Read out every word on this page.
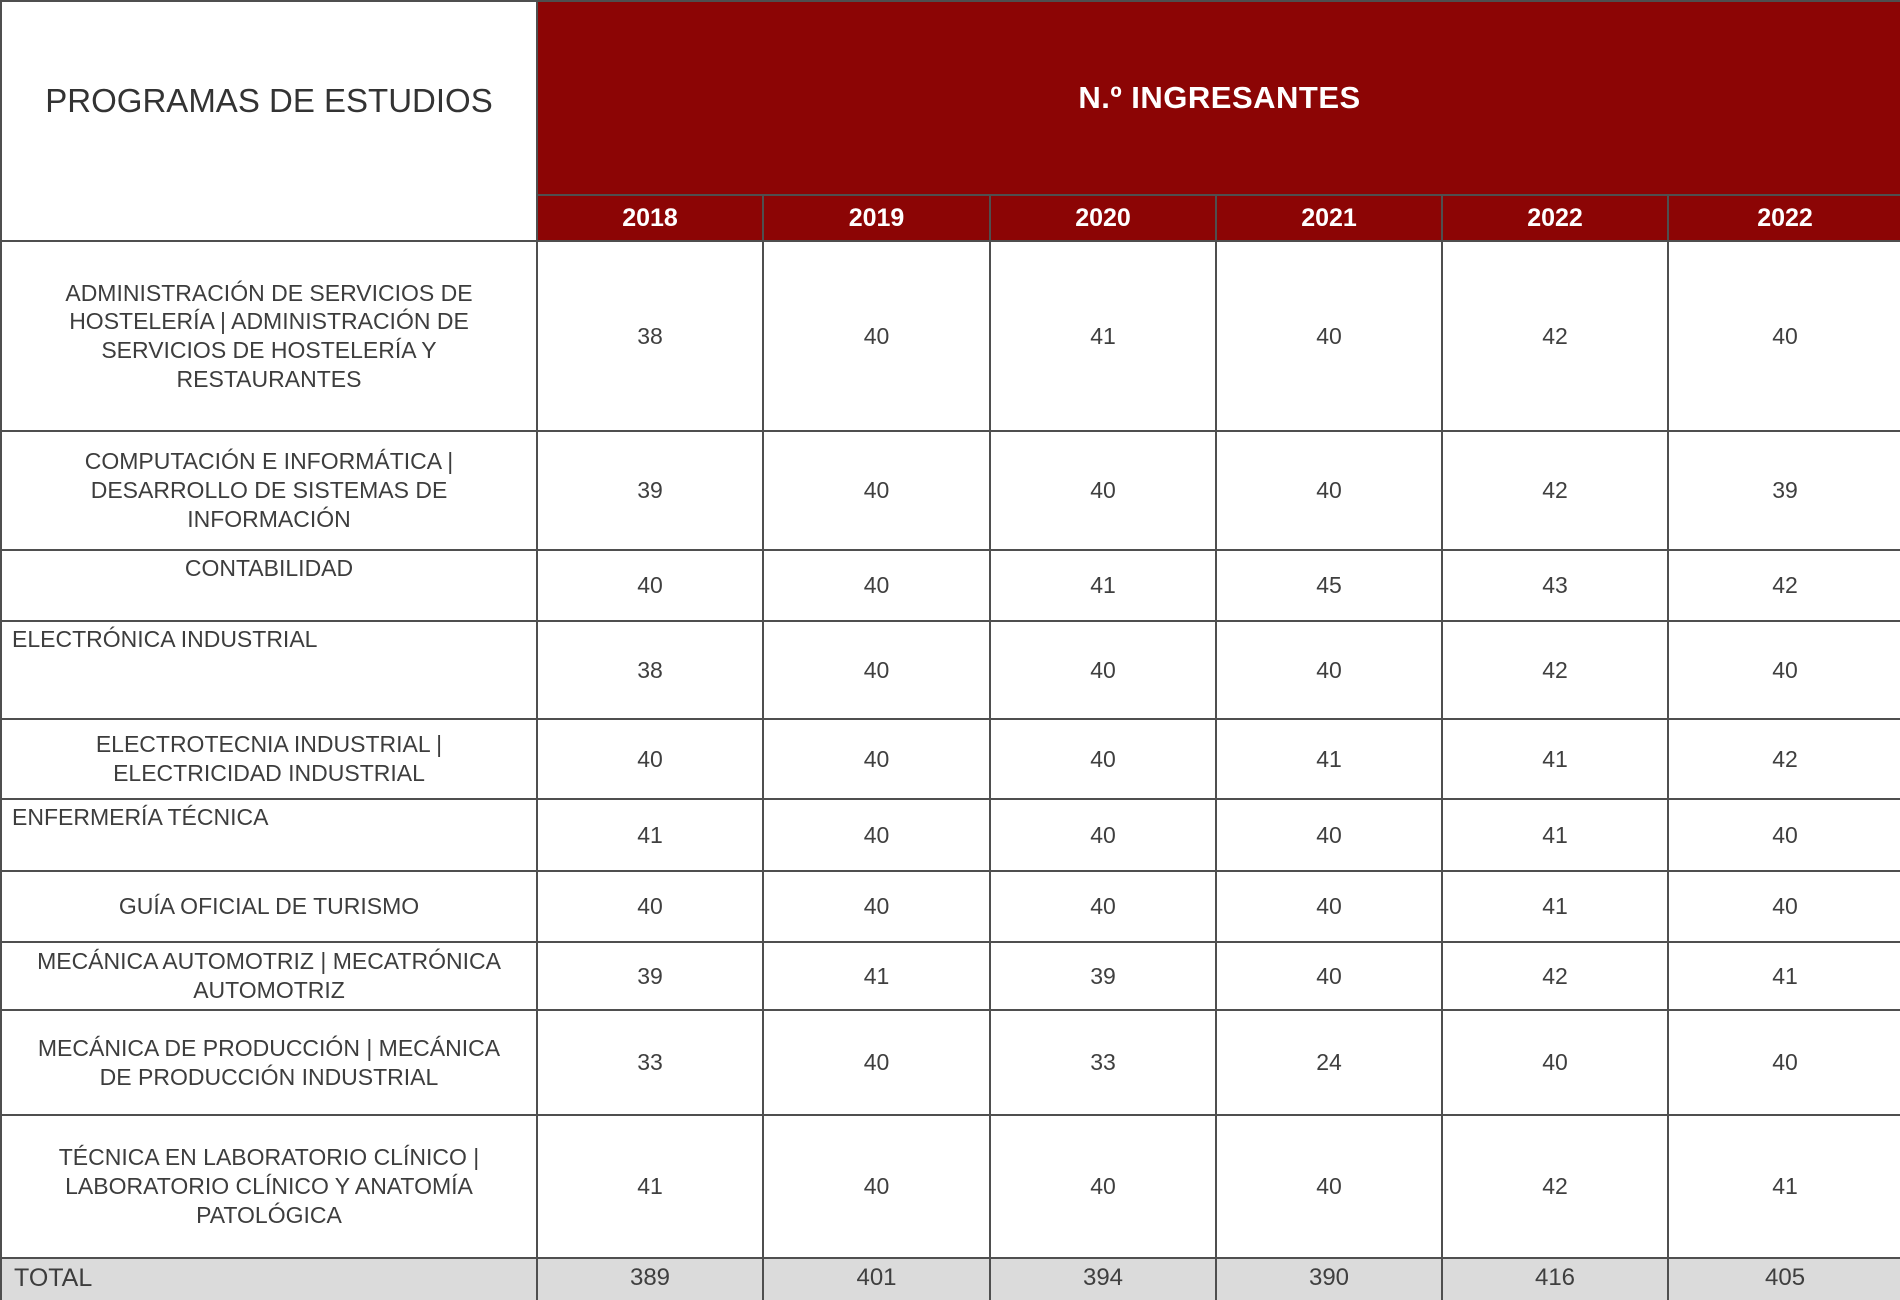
PROGRAMAS DE ESTUDIOS	N.º INGRESANTES					
	2018	2019	2020	2021	2022	2022
ADMINISTRACIÓN DE SERVICIOS DE HOSTELERÍA | ADMINISTRACIÓN DE SERVICIOS DE HOSTELERÍA Y RESTAURANTES	38	40	41	40	42	40
COMPUTACIÓN E INFORMÁTICA | DESARROLLO DE SISTEMAS DE INFORMACIÓN	39	40	40	40	42	39
CONTABILIDAD	40	40	41	45	43	42
ELECTRÓNICA INDUSTRIAL	38	40	40	40	42	40
ELECTROTECNIA INDUSTRIAL | ELECTRICIDAD INDUSTRIAL	40	40	40	41	41	42
ENFERMERÍA TÉCNICA	41	40	40	40	41	40
GUÍA OFICIAL DE TURISMO	40	40	40	40	41	40
MECÁNICA AUTOMOTRIZ | MECATRÓNICA AUTOMOTRIZ	39	41	39	40	42	41
MECÁNICA DE PRODUCCIÓN | MECÁNICA DE PRODUCCIÓN INDUSTRIAL	33	40	33	24	40	40
TÉCNICA EN LABORATORIO CLÍNICO | LABORATORIO CLÍNICO Y ANATOMÍA PATOLÓGICA	41	40	40	40	42	41
TOTAL	389	401	394	390	416	405
